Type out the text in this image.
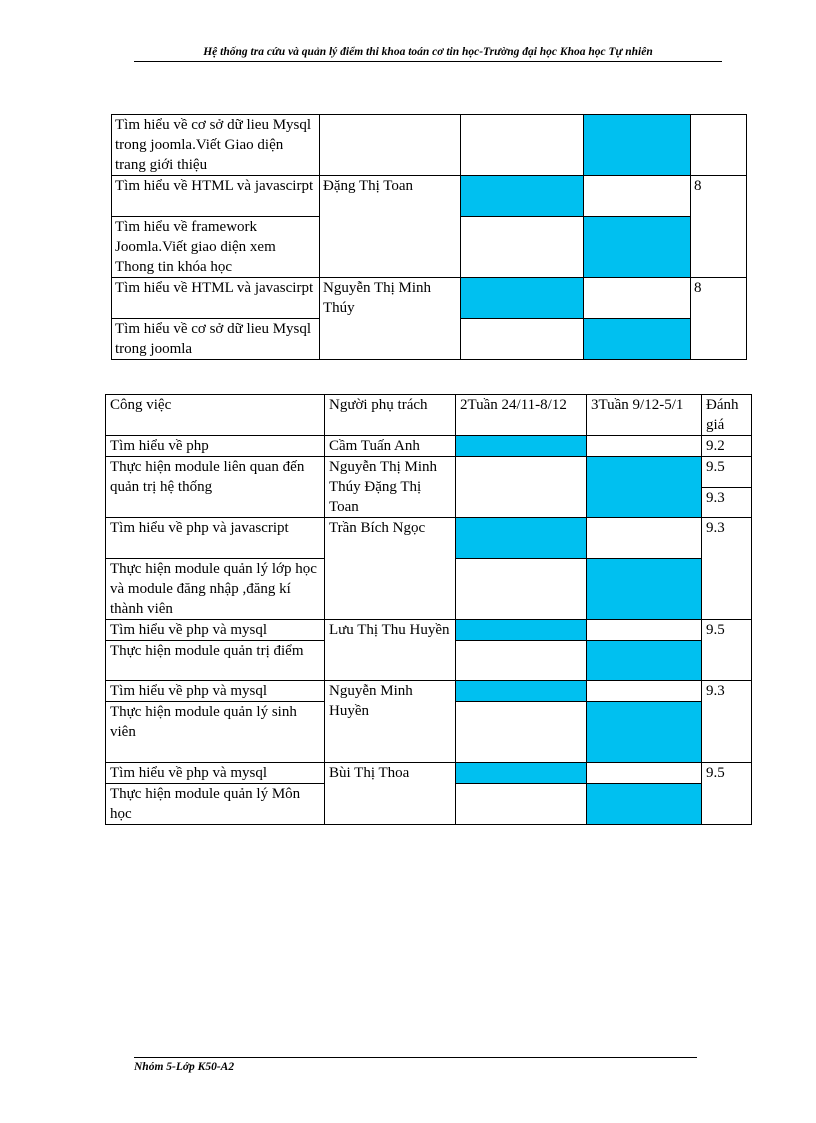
Hệ thống tra cứu và quản lý điểm thi khoa toán cơ tin học-Trường đại học Khoa học Tự nhiên
Tìm hiểu về cơ sở dữ lieu Mysql trong joomla.Viết Giao diện trang giới thiệu				
Tìm hiểu về HTML và javascirpt	Đặng Thị Toan			8
Tìm hiểu về framework Joomla.Viết giao diện xem Thong tin khóa học				
Tìm hiểu về HTML và javascirpt	Nguyễn Thị Minh Thúy			8
Tìm hiểu về cơ sở dữ lieu Mysql trong joomla				
Công việc	Người phụ trách	2Tuần 24/11-8/12	3Tuần 9/12-5/1	Đánh giá
Tìm hiểu về php	Cầm Tuấn Anh			9.2
Thực hiện module liên quan đến quản trị hệ thống	Nguyễn Thị Minh Thúy Đặng Thị Toan			9.5
				9.3
Tìm hiểu về php và javascript	Trần Bích Ngọc			9.3
Thực hiện module quản lý lớp học và module đăng nhập ,đăng kí thành viên				
Tìm hiểu về php và mysql	Lưu Thị Thu Huyền			9.5
Thực hiện module quản trị điểm				
Tìm hiểu về php và mysql	Nguyễn Minh Huyền			9.3
Thực hiện module quản lý sinh viên				
Tìm hiểu về php và mysql	Bùi Thị Thoa			9.5
Thực hiện module quản lý Môn học				
Nhóm 5-Lớp K50-A2
